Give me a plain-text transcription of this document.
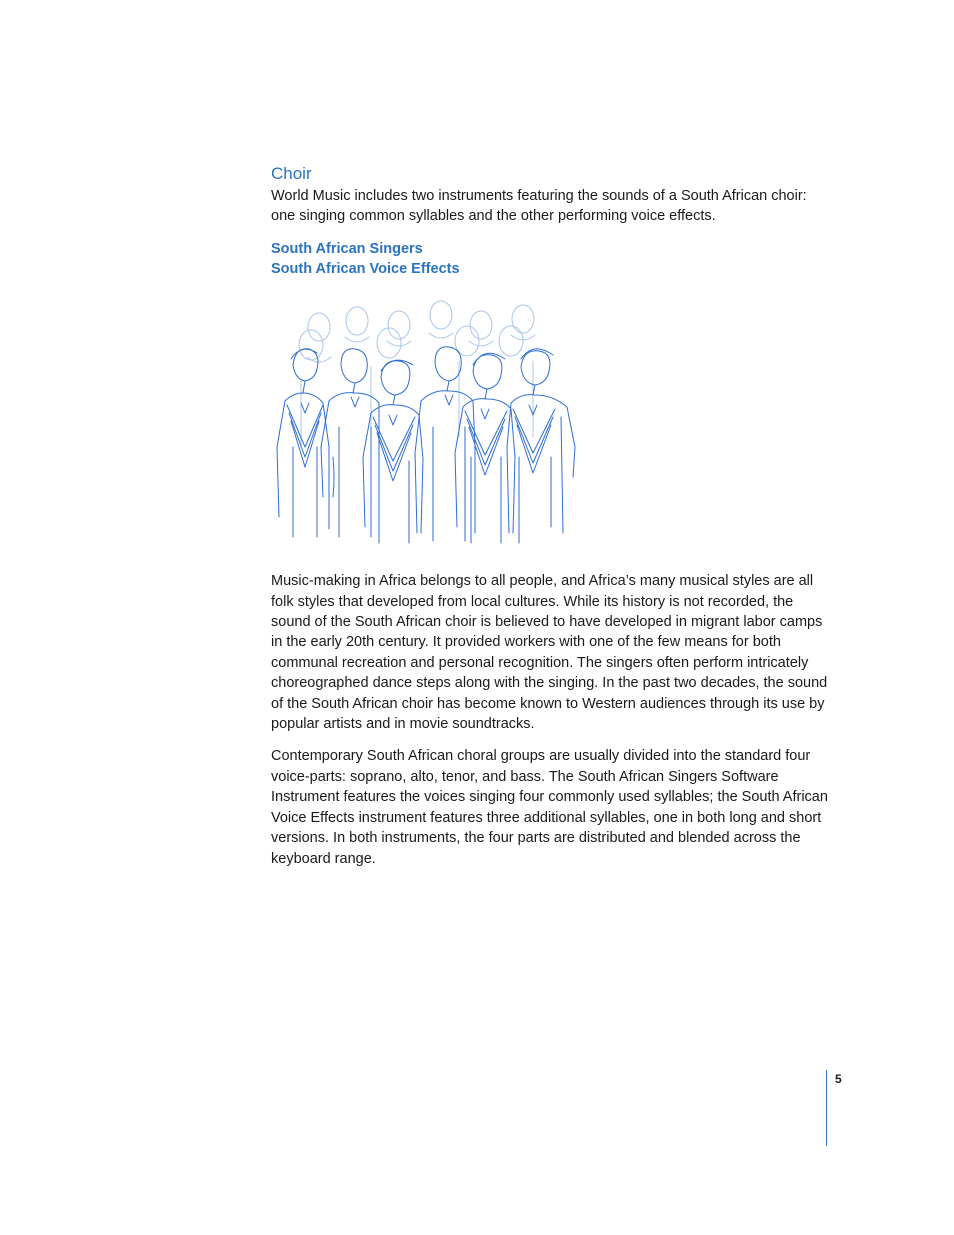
Choir

World Music includes two instruments featuring the sounds of a South African choir: one singing common syllables and the other performing voice effects.

South African Singers
South African Voice Effects

Music-making in Africa belongs to all people, and Africa’s many musical styles are all folk styles that developed from local cultures. While its history is not recorded, the sound of the South African choir is believed to have developed in migrant labor camps in the early 20th century. It provided workers with one of the few means for both communal recreation and personal recognition. The singers often perform intricately choreographed dance steps along with the singing. In the past two decades, the sound of the South African choir has become known to Western audiences through its use by popular artists and in movie soundtracks.

Contemporary South African choral groups are usually divided into the standard four voice-parts: soprano, alto, tenor, and bass. The South African Singers Software Instrument features the voices singing four commonly used syllables; the South African Voice Effects instrument features three additional syllables, one in both long and short versions. In both instruments, the four parts are distributed and blended across the keyboard range.

5
